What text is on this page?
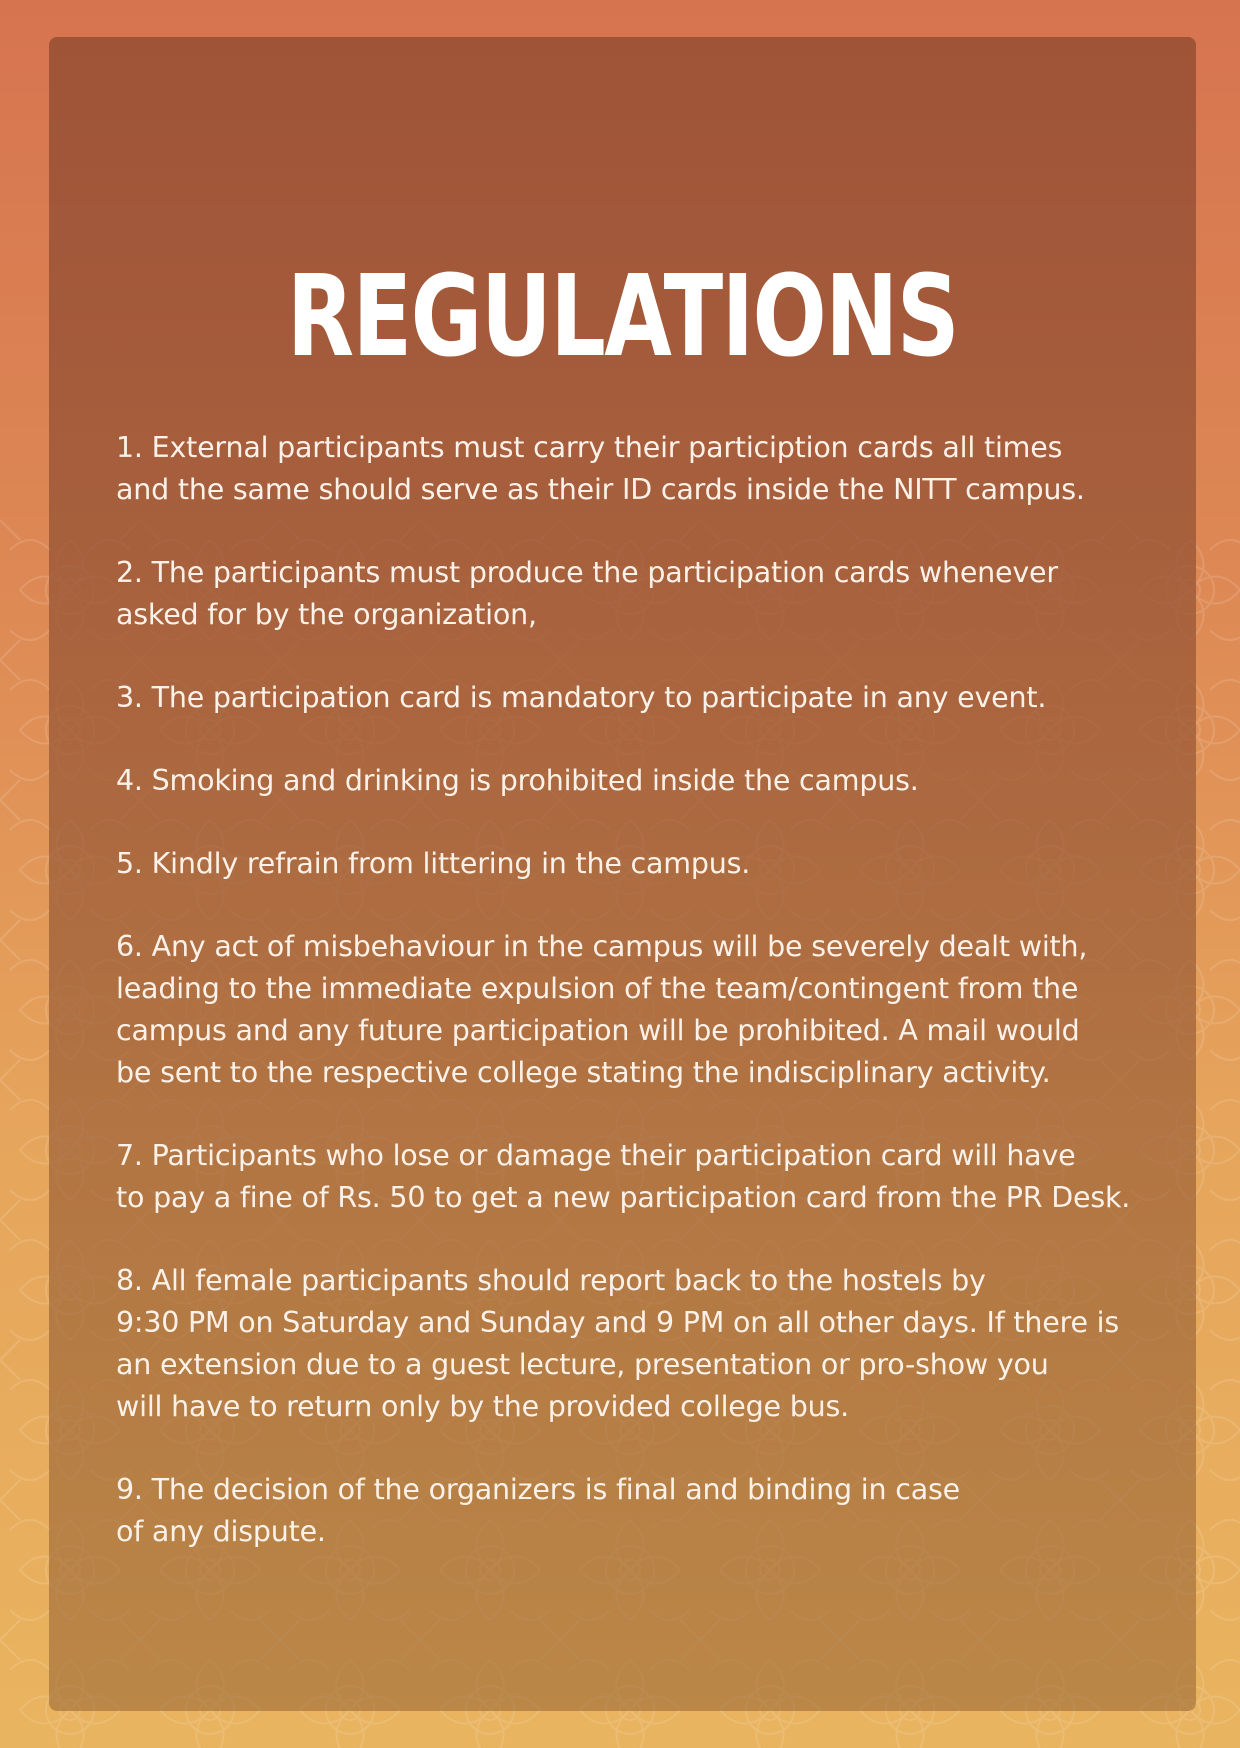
REGULATIONS
1. External participants must carry their particiption cards all times
and the same should serve as their ID cards inside the NITT campus.
2. The participants must produce the participation cards whenever
asked for by the organization,
3. The participation card is mandatory to participate in any event.
4. Smoking and drinking is prohibited inside the campus.
5. Kindly refrain from littering in the campus.
6. Any act of misbehaviour in the campus will be severely dealt with,
leading to the immediate expulsion of the team/contingent from the
campus and any future participation will be prohibited. A mail would
be sent to the respective college stating the indisciplinary activity.
7. Participants who lose or damage their participation card will have
to pay a fine of Rs. 50 to get a new participation card from the PR Desk.
8. All female participants should report back to the hostels by
9:30 PM on Saturday and Sunday and 9 PM on all other days. If there is
an extension due to a guest lecture, presentation or pro-show you
will have to return only by the provided college bus.
9. The decision of the organizers is final and binding in case
of any dispute.
